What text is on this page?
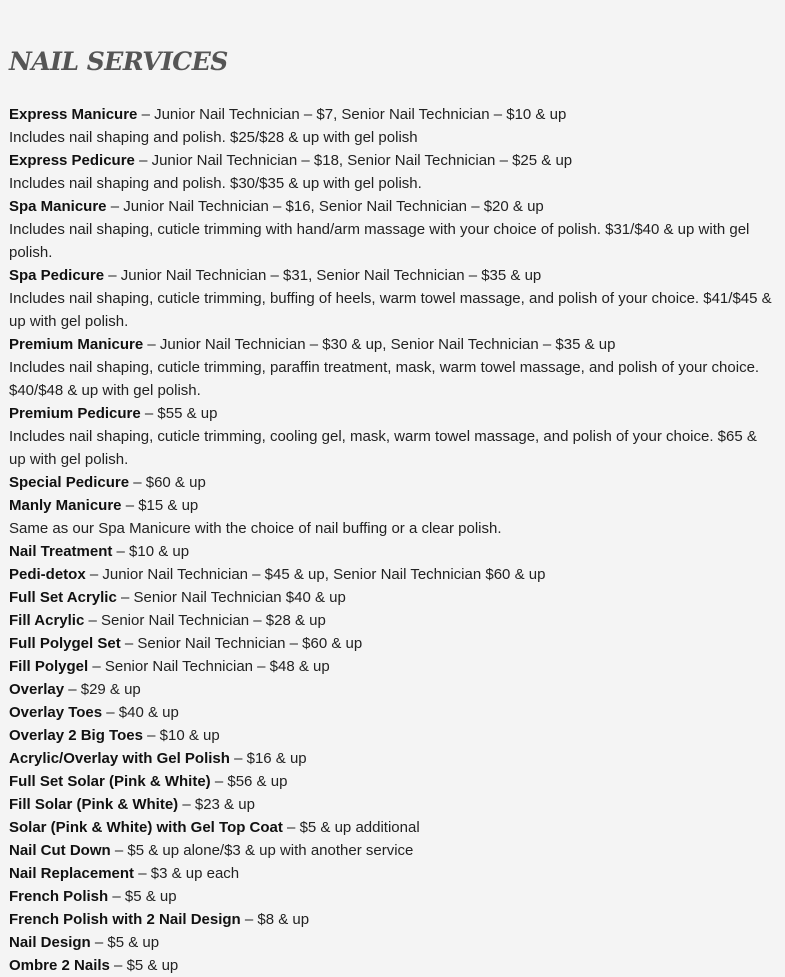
NAIL SERVICES

Express Manicure – Junior Nail Technician – $7, Senior Nail Technician – $10 & up

Includes nail shaping and polish. $25/$28 & up with gel polish

Express Pedicure – Junior Nail Technician – $18, Senior Nail Technician – $25 & up

Includes nail shaping and polish. $30/$35 & up with gel polish.

Spa Manicure – Junior Nail Technician – $16, Senior Nail Technician – $20 & up

Includes nail shaping, cuticle trimming with hand/arm massage with your choice of polish. $31/$40 & up with gel polish.

Spa Pedicure – Junior Nail Technician – $31, Senior Nail Technician – $35 & up

Includes nail shaping, cuticle trimming, buffing of heels, warm towel massage, and polish of your choice. $41/$45 & up with gel polish.

Premium Manicure – Junior Nail Technician – $30 & up, Senior Nail Technician – $35 & up

Includes nail shaping, cuticle trimming, paraffin treatment, mask, warm towel massage, and polish of your choice. $40/$48 & up with gel polish.

Premium Pedicure – $55 & up

Includes nail shaping, cuticle trimming, cooling gel, mask, warm towel massage, and polish of your choice. $65 & up with gel polish.

Special Pedicure – $60 & up

Manly Manicure – $15 & up

Same as our Spa Manicure with the choice of nail buffing or a clear polish.

Nail Treatment – $10 & up

Pedi-detox – Junior Nail Technician – $45 & up, Senior Nail Technician $60 & up

Full Set Acrylic – Senior Nail Technician $40 & up

Fill Acrylic – Senior Nail Technician – $28 & up

Full Polygel Set – Senior Nail Technician – $60 & up

Fill Polygel – Senior Nail Technician – $48 & up

Overlay – $29 & up

Overlay Toes – $40 & up

Overlay 2 Big Toes – $10 & up

Acrylic/Overlay with Gel Polish – $16 & up

Full Set Solar (Pink & White) – $56 & up

Fill Solar (Pink & White) – $23 & up

Solar (Pink & White) with Gel Top Coat – $5 & up additional

Nail Cut Down – $5 & up alone/$3 & up with another service

Nail Replacement – $3 & up each

French Polish – $5 & up

French Polish with 2 Nail Design – $8 & up

Nail Design – $5 & up

Ombre 2 Nails – $5 & up
